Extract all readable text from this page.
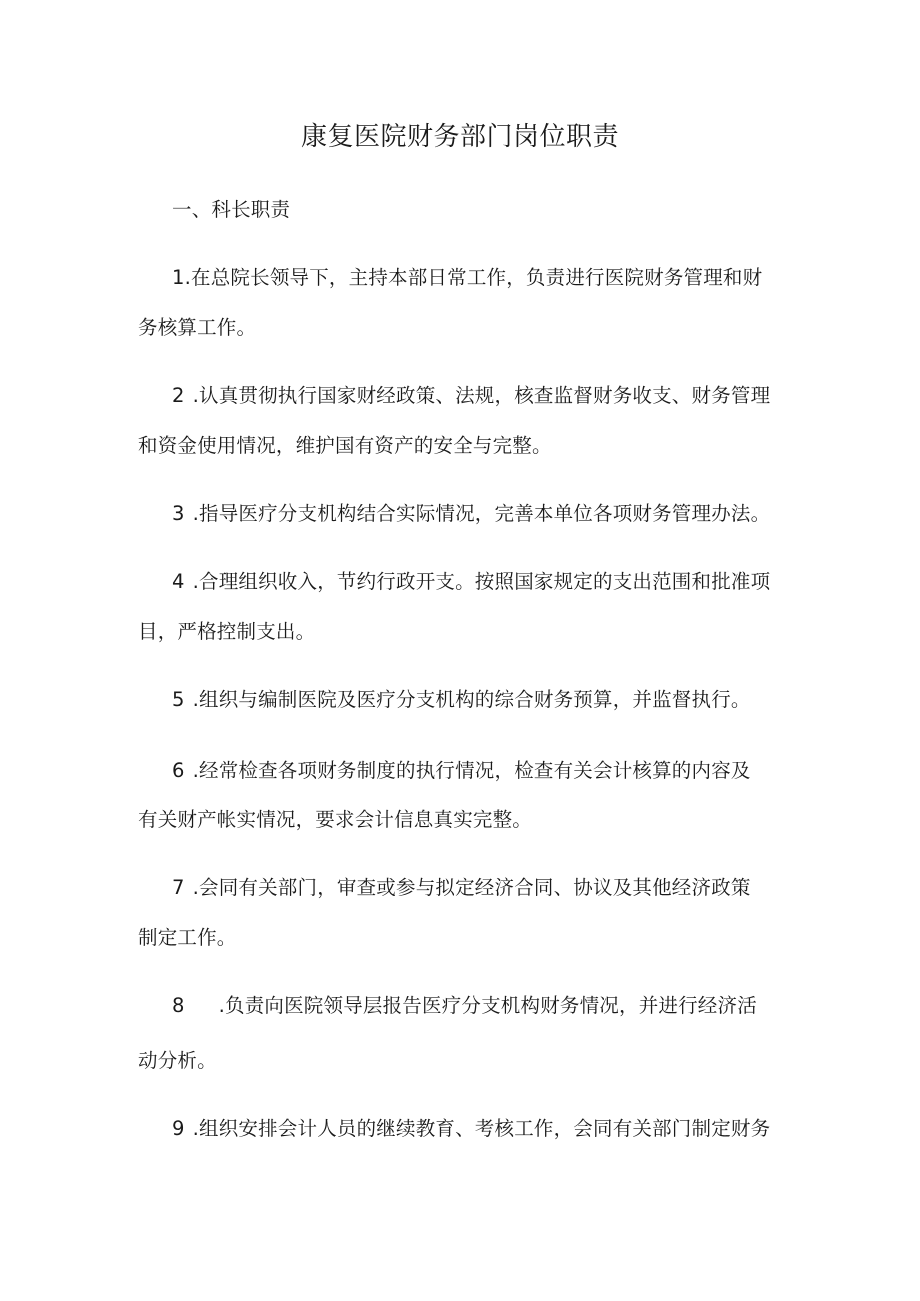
康复医院财务部门岗位职责
一、科长职责
1.在总院长领导下，主持本部日常工作，负责进行医院财务管理和财
务核算工作。
2 .认真贯彻执行国家财经政策、法规，核查监督财务收支、财务管理
和资金使用情况，维护国有资产的安全与完整。
3 .指导医疗分支机构结合实际情况，完善本单位各项财务管理办法。
4 .合理组织收入，节约行政开支。按照国家规定的支出范围和批准项
目，严格控制支出。
5 .组织与编制医院及医疗分支机构的综合财务预算，并监督执行。
6 .经常检查各项财务制度的执行情况，检查有关会计核算的内容及
有关财产帐实情况，要求会计信息真实完整。
7 .会同有关部门，审查或参与拟定经济合同、协议及其他经济政策
制定工作。
8 .负责向医院领导层报告医疗分支机构财务情况，并进行经济活
动分析。
9 .组织安排会计人员的继续教育、考核工作，会同有关部门制定财务
